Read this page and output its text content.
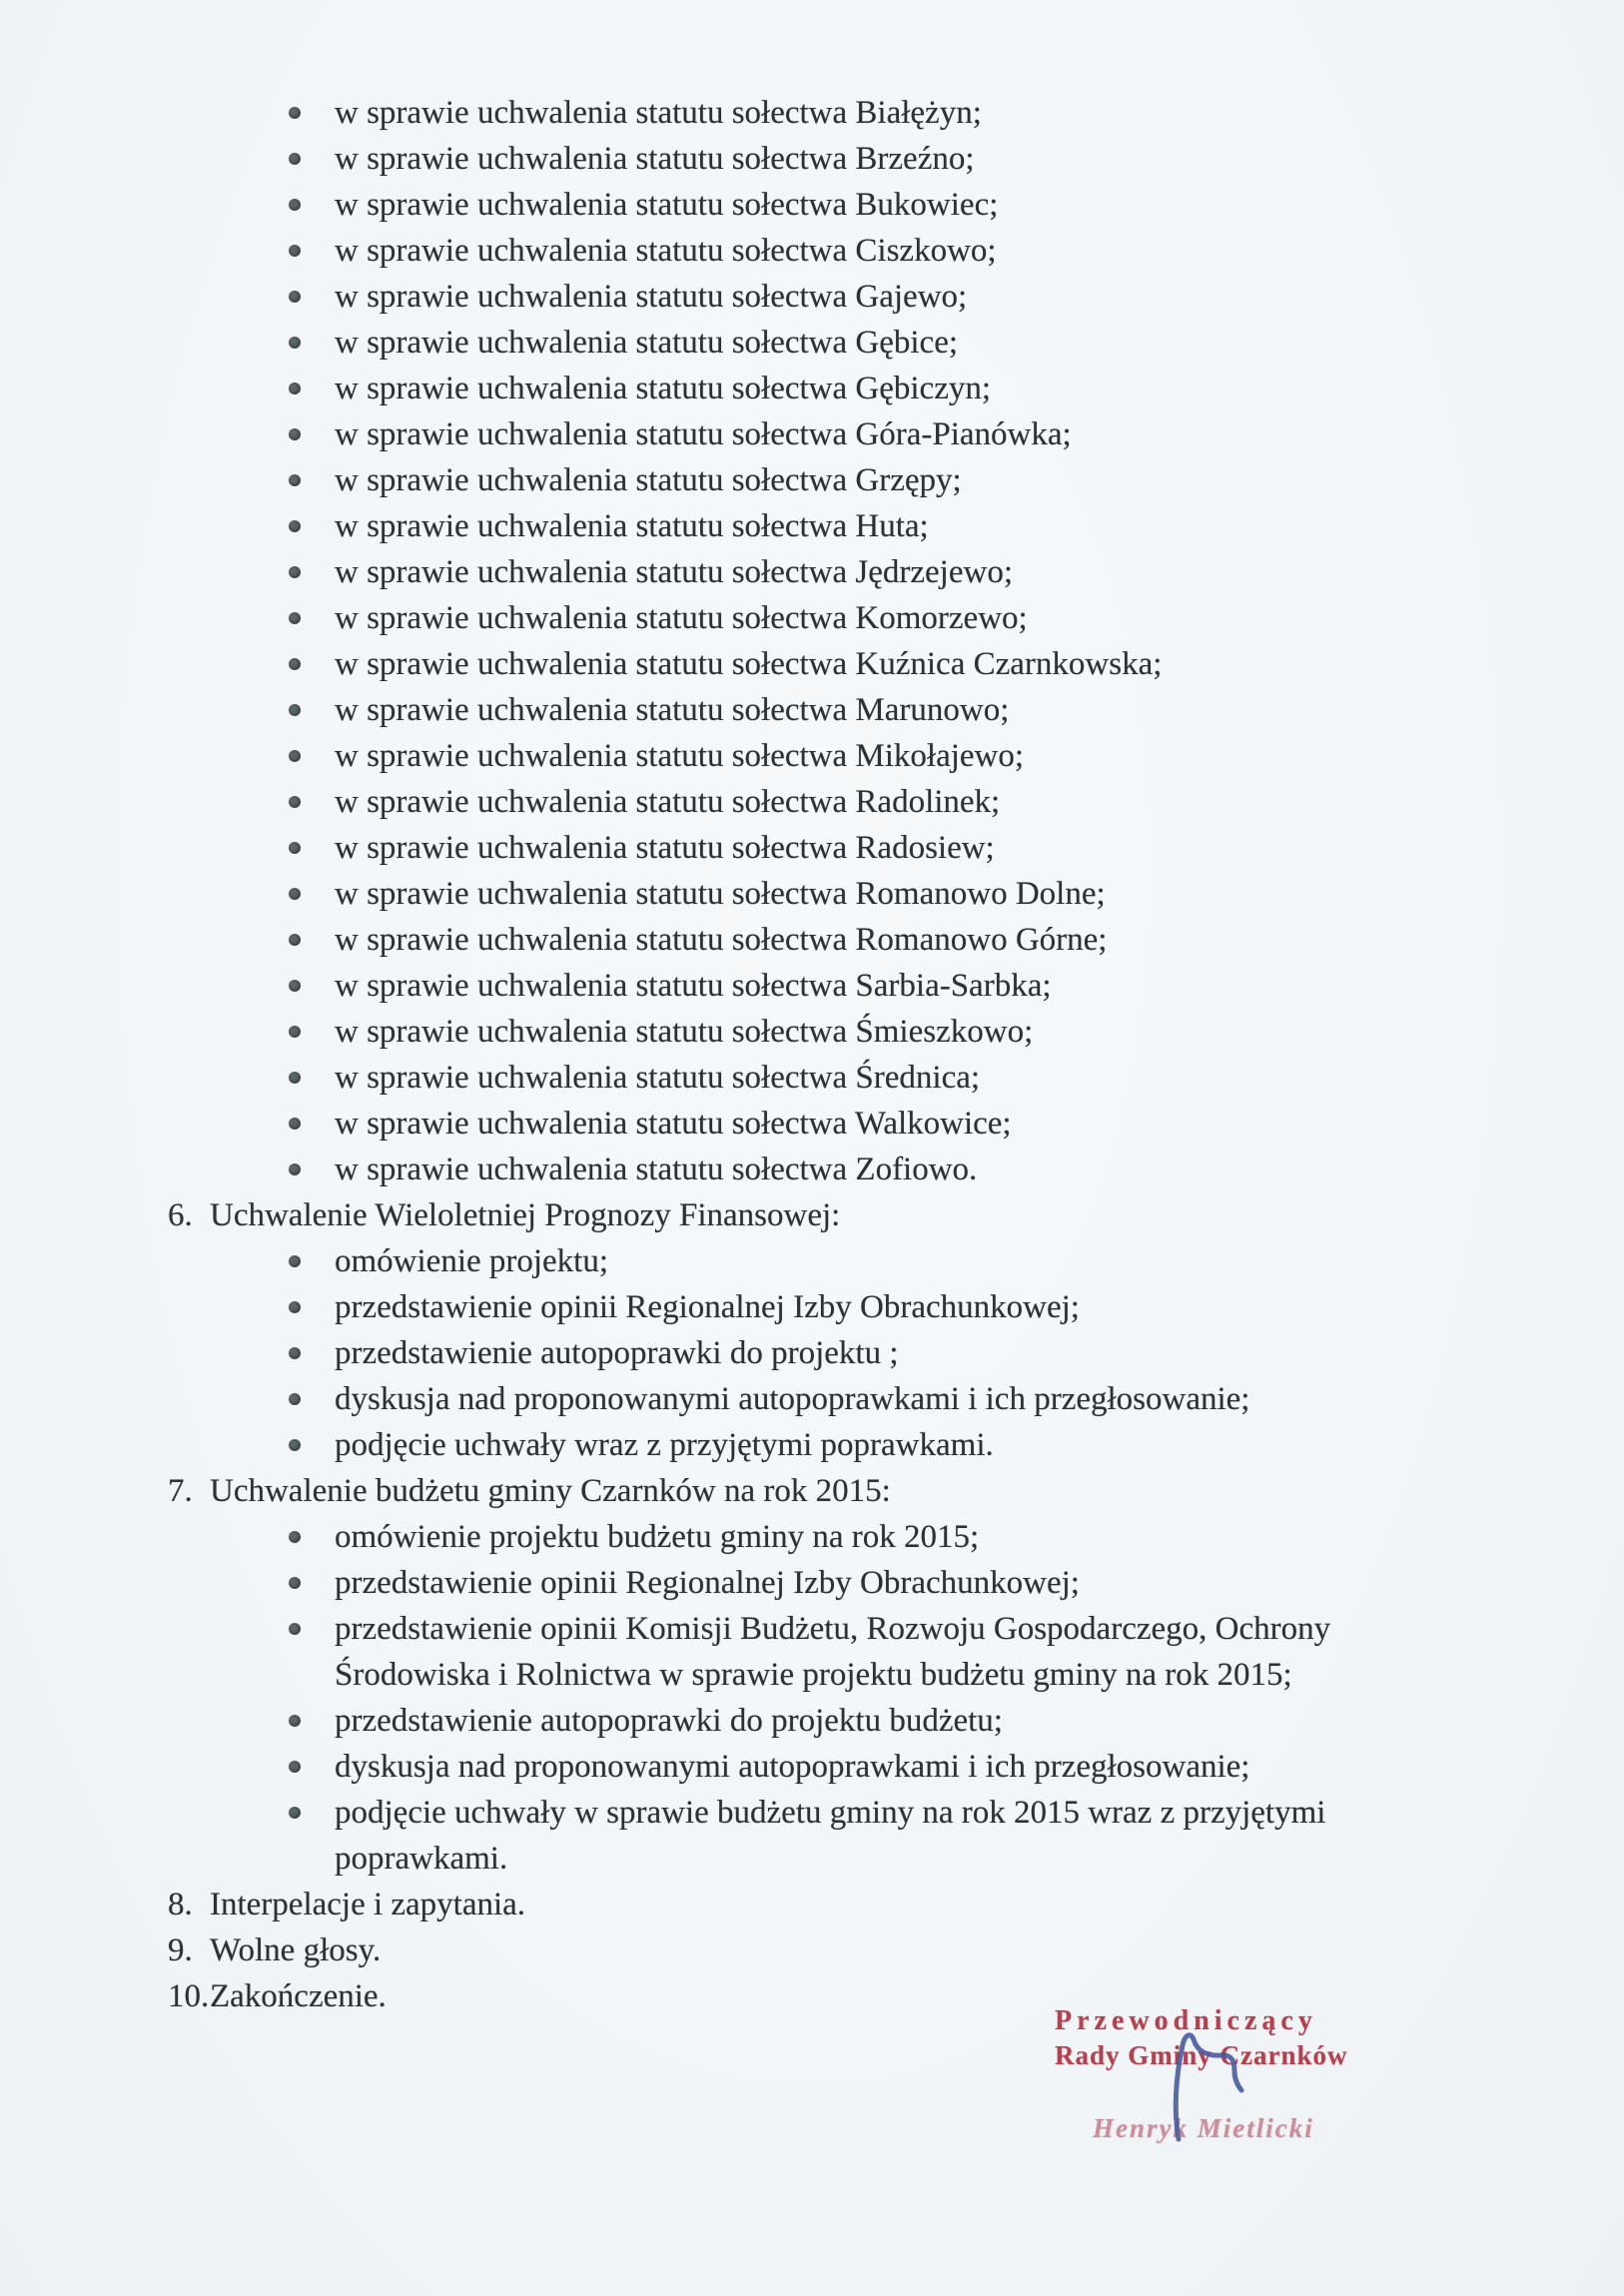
w sprawie uchwalenia statutu sołectwa Białężyn;
w sprawie uchwalenia statutu sołectwa Brzeźno;
w sprawie uchwalenia statutu sołectwa Bukowiec;
w sprawie uchwalenia statutu sołectwa Ciszkowo;
w sprawie uchwalenia statutu sołectwa Gajewo;
w sprawie uchwalenia statutu sołectwa Gębice;
w sprawie uchwalenia statutu sołectwa Gębiczyn;
w sprawie uchwalenia statutu sołectwa Góra-Pianówka;
w sprawie uchwalenia statutu sołectwa Grzępy;
w sprawie uchwalenia statutu sołectwa Huta;
w sprawie uchwalenia statutu sołectwa Jędrzejewo;
w sprawie uchwalenia statutu sołectwa Komorzewo;
w sprawie uchwalenia statutu sołectwa Kuźnica Czarnkowska;
w sprawie uchwalenia statutu sołectwa Marunowo;
w sprawie uchwalenia statutu sołectwa Mikołajewo;
w sprawie uchwalenia statutu sołectwa Radolinek;
w sprawie uchwalenia statutu sołectwa Radosiew;
w sprawie uchwalenia statutu sołectwa Romanowo Dolne;
w sprawie uchwalenia statutu sołectwa Romanowo Górne;
w sprawie uchwalenia statutu sołectwa Sarbia-Sarbka;
w sprawie uchwalenia statutu sołectwa Śmieszkowo;
w sprawie uchwalenia statutu sołectwa Średnica;
w sprawie uchwalenia statutu sołectwa Walkowice;
w sprawie uchwalenia statutu sołectwa Zofiowo.
6. Uchwalenie Wieloletniej Prognozy Finansowej:
omówienie projektu;
przedstawienie opinii Regionalnej Izby Obrachunkowej;
przedstawienie autopoprawki do projektu ;
dyskusja nad proponowanymi autopoprawkami i ich przegłosowanie;
podjęcie uchwały wraz z przyjętymi poprawkami.
7. Uchwalenie budżetu gminy Czarnków na rok 2015:
omówienie projektu budżetu gminy na rok 2015;
przedstawienie opinii Regionalnej Izby Obrachunkowej;
przedstawienie opinii Komisji Budżetu, Rozwoju Gospodarczego, Ochrony Środowiska i Rolnictwa w sprawie projektu budżetu gminy na rok 2015;
przedstawienie autopoprawki do projektu budżetu;
dyskusja nad proponowanymi autopoprawkami i ich przegłosowanie;
podjęcie uchwały w sprawie budżetu gminy na rok 2015 wraz z przyjętymi poprawkami.
8. Interpelacje i zapytania.
9. Wolne głosy.
10. Zakończenie.
Przewodniczący
Rady Gminy Czarnków
Henryk Mietlicki
